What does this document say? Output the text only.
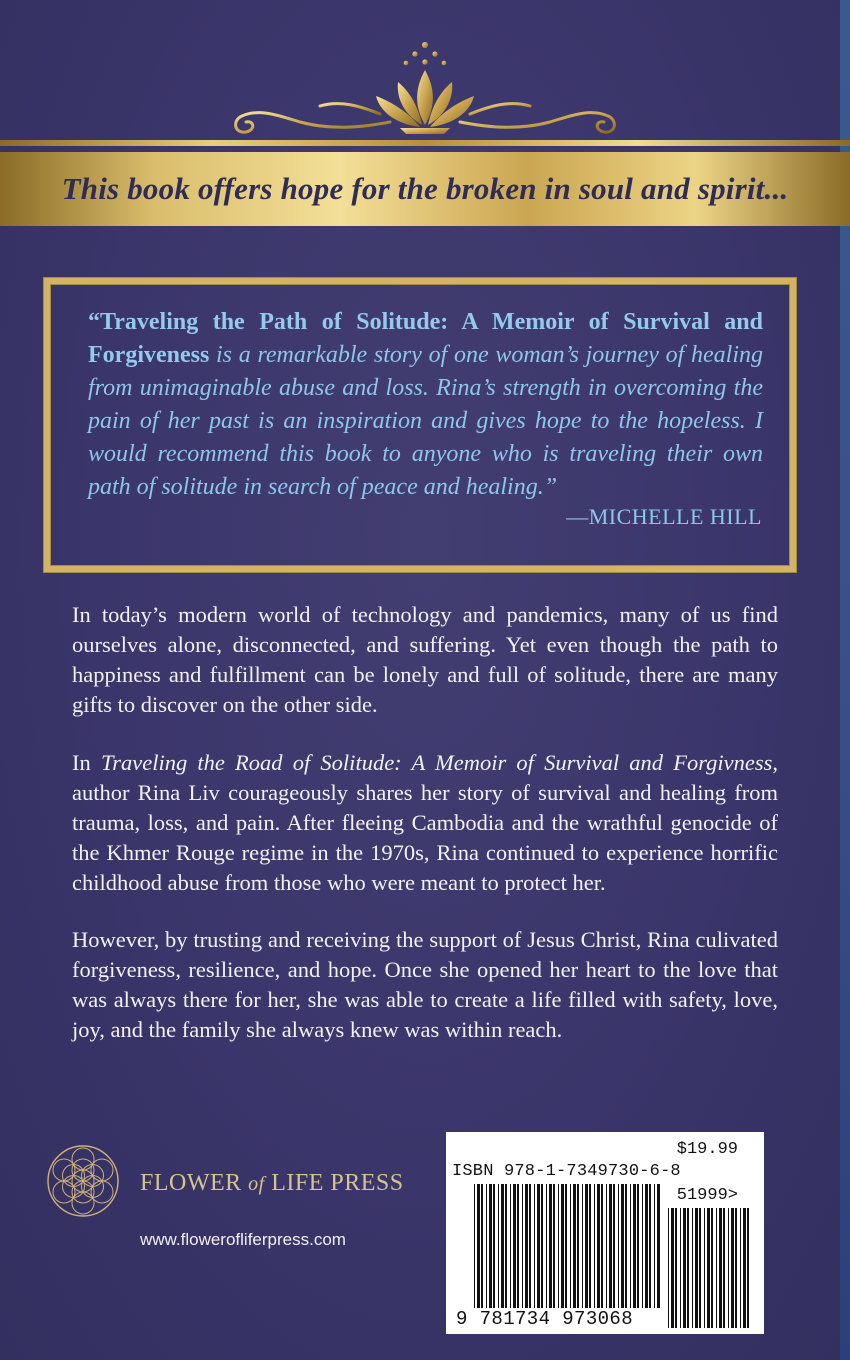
This book offers hope for the broken in soul and spirit...
“Traveling the Path of Solitude: A Memoir of Survival and Forgiveness is a remarkable story of one woman’s journey of healing from unimaginable abuse and loss. Rina’s strength in overcoming the pain of her past is an inspiration and gives hope to the hopeless. I would recommend this book to anyone who is traveling their own path of solitude in search of peace and healing.”
—MICHELLE HILL
In today’s modern world of technology and pandemics, many of us find ourselves alone, disconnected, and suffering. Yet even though the path to happiness and fulfillment can be lonely and full of solitude, there are many gifts to discover on the other side.
In Traveling the Road of Solitude: A Memoir of Survival and Forgivness, author Rina Liv courageously shares her story of survival and healing from trauma, loss, and pain. After fleeing Cambodia and the wrathful genocide of the Khmer Rouge regime in the 1970s, Rina continued to experience horrific childhood abuse from those who were meant to protect her.
However, by trusting and receiving the support of Jesus Christ, Rina culivated forgiveness, resilience, and hope. Once she opened her heart to the love that was always there for her, she was able to create a life filled with safety, love, joy, and the family she always knew was within reach.
FLOWER of LIFE PRESS
www.flowerofliferpress.com
$19.99
ISBN 978-1-7349730-6-8
51999>
9 781734 973068
